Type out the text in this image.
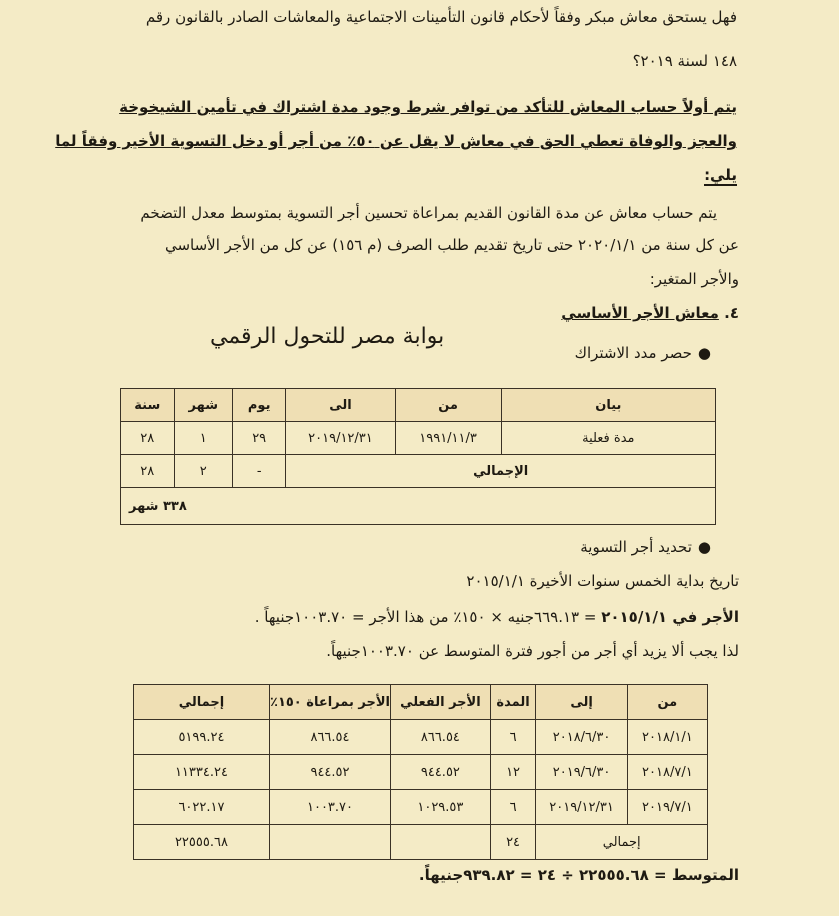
فهل يستحق معاش مبكر وفقاً لأحكام قانون التأمينات الاجتماعية والمعاشات الصادر بالقانون رقم
١٤٨ لسنة ٢٠١٩؟
يتم أولاً حساب المعاش للتأكد من توافر شرط وجود مدة اشتراك في تأمين الشيخوخة
والعجز والوفاة تعطي الحق في معاش لا يقل عن ٥٠٪ من أجر أو دخل التسوية الأخير وفقاً لما
يلي:
يتم حساب معاش عن مدة القانون القديم بمراعاة تحسين أجر التسوية بمتوسط معدل التضخم
عن كل سنة من ٢٠٢٠/١/١ حتى تاريخ تقديم طلب الصرف (م ١٥٦) عن كل من الأجر الأساسي
والأجر المتغير:
٤. معاش الأجر الأساسي
بوابة مصر للتحول الرقمي
●حصر مدد الاشتراك
بيان	من	الى	يوم	شهر	سنة
مدة فعلية	١٩٩١/١١/٣	٢٠١٩/١٢/٣١	٢٩	١	٢٨
الإجمالي			-	٢	٢٨
٣٣٨ شهر					
●تحديد أجر التسوية
تاريخ بداية الخمس سنوات الأخيرة ٢٠١٥/١/١
الأجر في ٢٠١٥/١/١ = ٦٦٩.١٣جنيه × ١٥٠٪ من هذا الأجر = ١٠٠٣.٧٠جنيهاً .
لذا يجب ألا يزيد أي أجر من أجور فترة المتوسط عن ١٠٠٣.٧٠جنيهاً.
من	إلى	المدة	الأجر الفعلي	الأجر بمراعاة ١٥٠٪	إجمالي
٢٠١٨/١/١	٢٠١٨/٦/٣٠	٦	٨٦٦.٥٤	٨٦٦.٥٤	٥١٩٩.٢٤
٢٠١٨/٧/١	٢٠١٩/٦/٣٠	١٢	٩٤٤.٥٢	٩٤٤.٥٢	١١٣٣٤.٢٤
٢٠١٩/٧/١	٢٠١٩/١٢/٣١	٦	١٠٢٩.٥٣	١٠٠٣.٧٠	٦٠٢٢.١٧
إجمالي		٢٤			٢٢٥٥٥.٦٨
المتوسط = ٢٢٥٥٥.٦٨ ÷ ٢٤ = ٩٣٩.٨٢جنيهاً.
